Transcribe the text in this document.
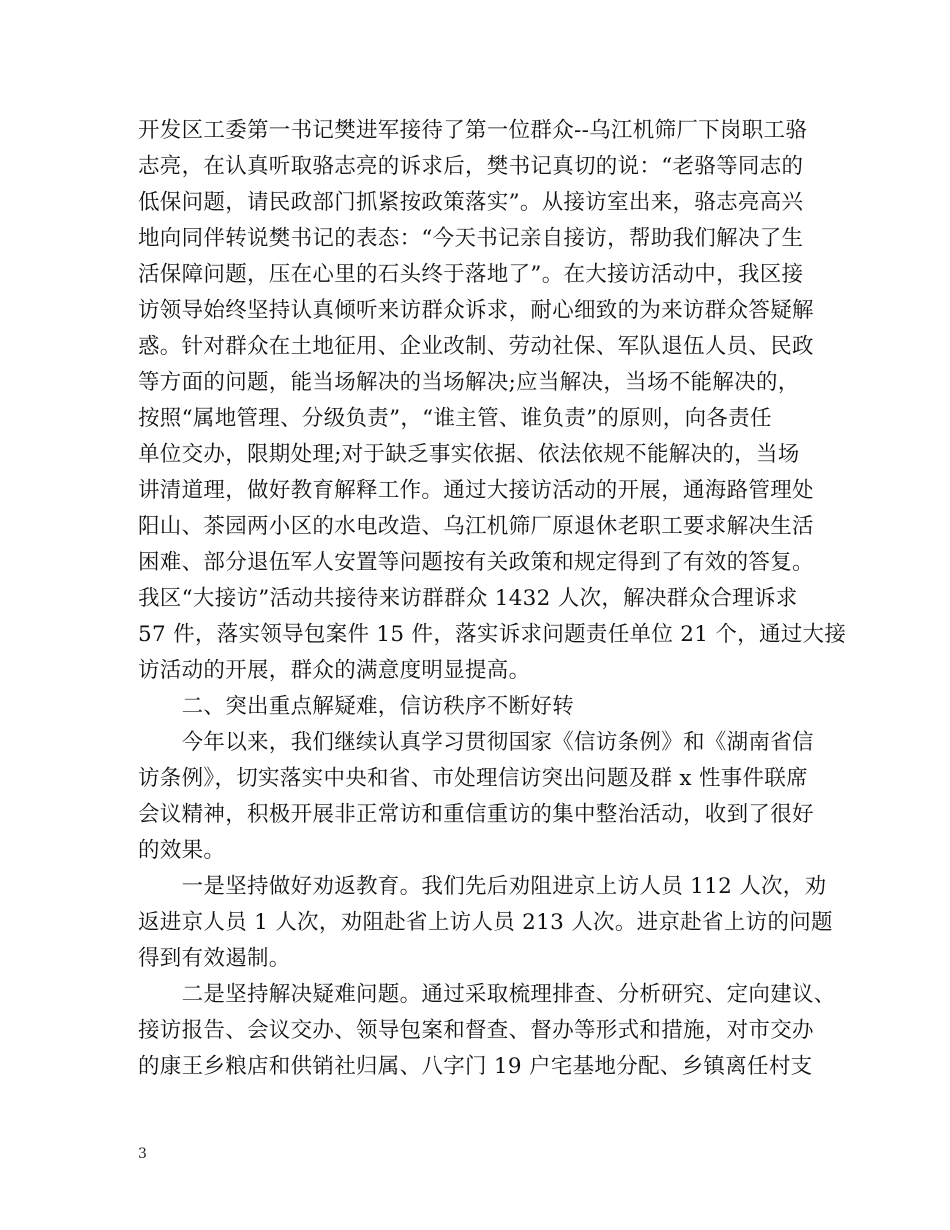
开发区工委第一书记樊进军接待了第一位群众--乌江机筛厂下岗职工骆
志亮，在认真听取骆志亮的诉求后，樊书记真切的说：“老骆等同志的
低保问题，请民政部门抓紧按政策落实”。从接访室出来，骆志亮高兴
地向同伴转说樊书记的表态：“今天书记亲自接访，帮助我们解决了生
活保障问题，压在心里的石头终于落地了”。在大接访活动中，我区接
访领导始终坚持认真倾听来访群众诉求，耐心细致的为来访群众答疑解
惑。针对群众在土地征用、企业改制、劳动社保、军队退伍人员、民政
等方面的问题，能当场解决的当场解决;应当解决，当场不能解决的，
按照“属地管理、分级负责”，“谁主管、谁负责”的原则，向各责任
单位交办，限期处理;对于缺乏事实依据、依法依规不能解决的，当场
讲清道理，做好教育解释工作。通过大接访活动的开展，通海路管理处
阳山、茶园两小区的水电改造、乌江机筛厂原退休老职工要求解决生活
困难、部分退伍军人安置等问题按有关政策和规定得到了有效的答复。
我区“大接访”活动共接待来访群群众 1432 人次，解决群众合理诉求
57 件，落实领导包案件 15 件，落实诉求问题责任单位 21 个，通过大接
访活动的开展，群众的满意度明显提高。
　　二、突出重点解疑难，信访秩序不断好转
　　今年以来，我们继续认真学习贯彻国家《信访条例》和《湖南省信
访条例》，切实落实中央和省、市处理信访突出问题及群 x 性事件联席
会议精神，积极开展非正常访和重信重访的集中整治活动，收到了很好
的效果。
　　一是坚持做好劝返教育。我们先后劝阻进京上访人员 112 人次，劝
返进京人员 1 人次，劝阻赴省上访人员 213 人次。进京赴省上访的问题
得到有效遏制。
　　二是坚持解决疑难问题。通过采取梳理排查、分析研究、定向建议、
接访报告、会议交办、领导包案和督查、督办等形式和措施，对市交办
的康王乡粮店和供销社归属、八字门 19 户宅基地分配、乡镇离任村支
3
